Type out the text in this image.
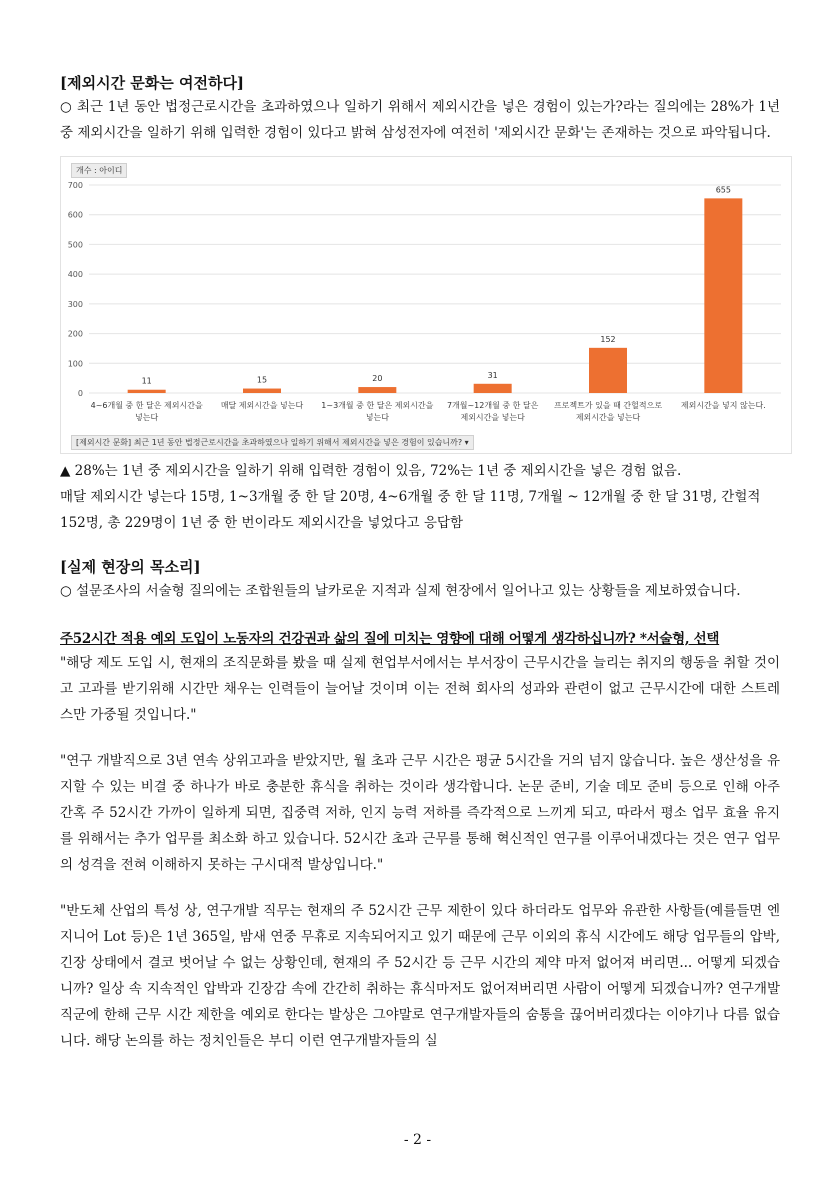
[제외시간 문화는 여전하다]

○ 최근 1년 동안 법정근로시간을 초과하였으나 일하기 위해서 제외시간을 넣은 경험이 있는가?라는 질의에는 28%가 1년 중 제외시간을 일하기 위해 입력한 경험이 있다고 밝혀 삼성전자에 여전히 '제외시간 문화'는 존재하는 것으로 파악됩니다.

개수 : 아이디
0
100
200
300
400
500
600
700
11
4~6개월 중 한 달은 제외시간을
넣는다
15
매달 제외시간을 넣는다
20
1~3개월 중 한 달은 제외시간을
넣는다
31
7개월~12개월 중 한 달은
제외시간을 넣는다
152
프로젝트가 있을 때 간헐적으로
제외시간을 넣는다
655
제외시간을 넣지 않는다.
[제외시간 문화] 최근 1년 동안 법정근로시간을 초과하였으나 일하기 위해서 제외시간을 넣은 경험이 있습니까? ▾
▲ 28%는 1년 중 제외시간을 일하기 위해 입력한 경험이 있음, 72%는 1년 중 제외시간을 넣은 경험 없음.
매달 제외시간 넣는다 15명, 1~3개월 중 한 달 20명, 4~6개월 중 한 달 11명, 7개월 ~ 12개월 중 한 달 31명, 간헐적 152명, 총 229명이 1년 중 한 번이라도 제외시간을 넣었다고 응답함

[실제 현장의 목소리]

○ 설문조사의 서술형 질의에는 조합원들의 날카로운 지적과 실제 현장에서 일어나고 있는 상황들을 제보하였습니다.

주52시간 적용 예외 도입이 노동자의 건강권과 삶의 질에 미치는 영향에 대해 어떻게 생각하십니까? *서술형, 선택

"해당 제도 도입 시, 현재의 조직문화를 봤을 때 실제 현업부서에서는 부서장이 근무시간을 늘리는 취지의 행동을 취할 것이고 고과를 받기위해 시간만 채우는 인력들이 늘어날 것이며 이는 전혀 회사의 성과와 관련이 없고 근무시간에 대한 스트레스만 가중될 것입니다."

"연구 개발직으로 3년 연속 상위고과을 받았지만, 월 초과 근무 시간은 평균 5시간을 거의 넘지 않습니다. 높은 생산성을 유지할 수 있는 비결 중 하나가 바로 충분한 휴식을 취하는 것이라 생각합니다. 논문 준비, 기술 데모 준비 등으로 인해 아주 간혹 주 52시간 가까이 일하게 되면, 집중력 저하, 인지 능력 저하를 즉각적으로 느끼게 되고, 따라서 평소 업무 효율 유지를 위해서는 추가 업무를 최소화 하고 있습니다. 52시간 초과 근무를 통해 혁신적인 연구를 이루어내겠다는 것은 연구 업무의 성격을 전혀 이해하지 못하는 구시대적 발상입니다."

"반도체 산업의 특성 상, 연구개발 직무는 현재의 주 52시간 근무 제한이 있다 하더라도 업무와 유관한 사항들(예를들면 엔지니어 Lot 등)은 1년 365일, 밤새 연중 무휴로 지속되어지고 있기 때문에 근무 이외의 휴식 시간에도 해당 업무들의 압박, 긴장 상태에서 결코 벗어날 수 없는 상황인데, 현재의 주 52시간 등 근무 시간의 제약 마저 없어져 버리면... 어떻게 되겠습니까? 일상 속 지속적인 압박과 긴장감 속에 간간히 취하는 휴식마저도 없어져버리면 사람이 어떻게 되겠습니까? 연구개발직군에 한해 근무 시간 제한을 예외로 한다는 발상은 그야말로 연구개발자들의 숨통을 끊어버리겠다는 이야기나 다름 없습니다. 해당 논의를 하는 정치인들은 부디 이런 연구개발자들의 실

- 2 -
